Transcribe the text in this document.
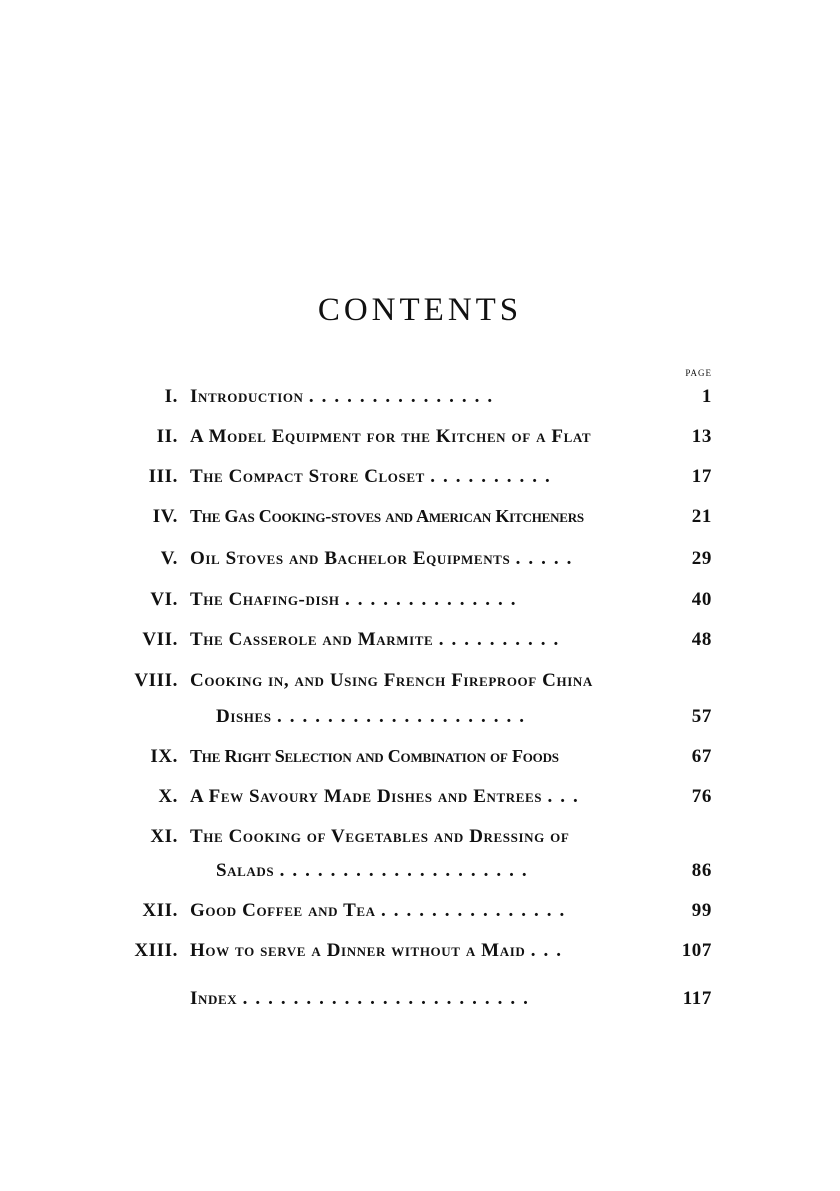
CONTENTS
PAGE
I. Introduction ...............	1
II. A Model Equipment for the Kitchen of a Flat	13
III. The Compact Store Closet ..........	17
IV. The Gas Cooking-stoves and American Kitcheners	21
V. Oil Stoves and Bachelor Equipments .....	29
VI. The Chafing-dish ..............	40
VII. The Casserole and Marmite ..........	48
VIII. Cooking in, and Using French Fireproof China
Dishes ....................	57
IX. The Right Selection and Combination of Foods	67
X. A Few Savoury Made Dishes and Entrees ...	76
XI. The Cooking of Vegetables and Dressing of
Salads ....................	86
XII. Good Coffee and Tea ...............	99
XIII. How to serve a Dinner without a Maid ...	107
Index .......................	117
